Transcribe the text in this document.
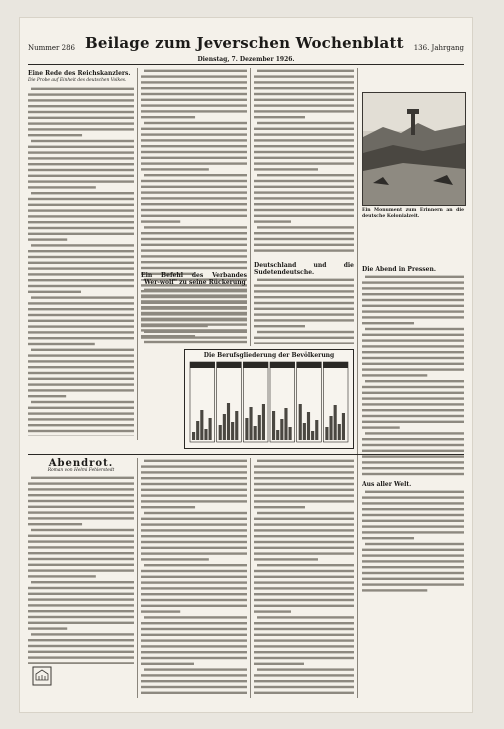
Nummer 286 Beilage zum Jeverschen Wochenblatt 136. Jahrgang
Dienstag, 7. Dezember 1926.
Eine Rede des Reichskanzlers.
Die Probe auf Einheit des deutschen Volkes.
Ein Befehl des Verbandes "Wer-wolf" zu seine Rückerung
Deutschland und die Sudetendeutsche.
Ein Monument zum Erinnern an die deutsche Kolonialzeit.
Die Abend in Pressen.
Aus aller Welt.
Die Berufsgliederung der Bevölkerung
Abendrot.
Roman von Helmi Fehlerstedt
